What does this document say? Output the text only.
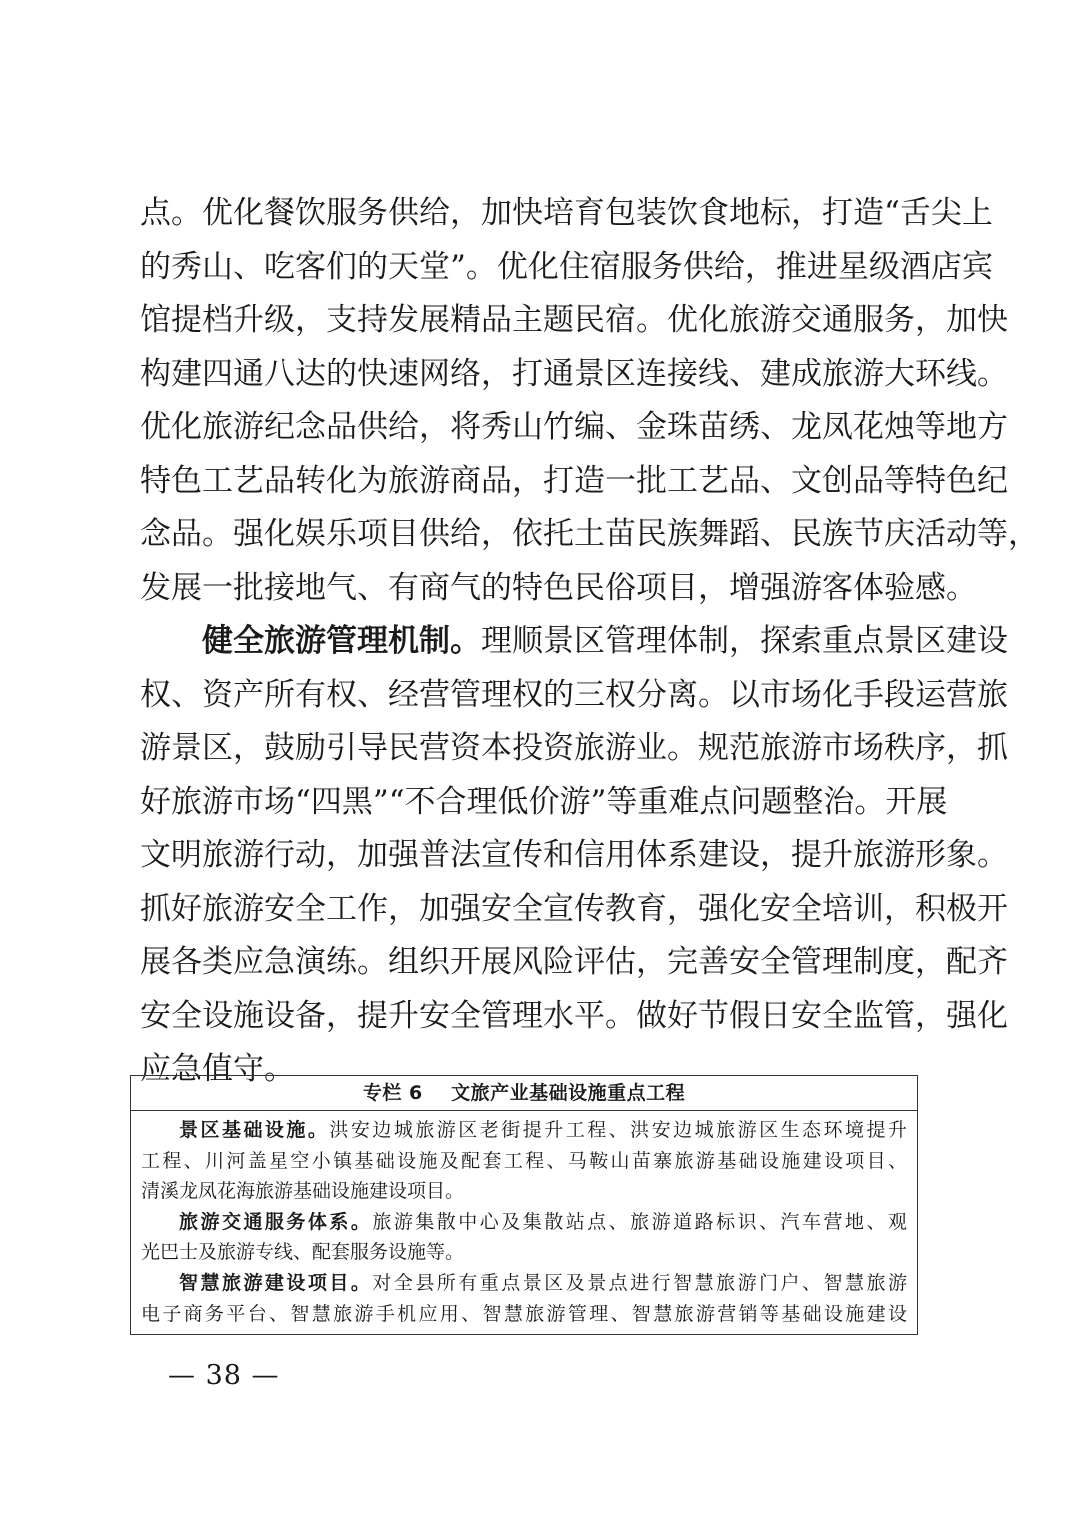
点。优化餐饮服务供给，加快培育包装饮食地标，打造“舌尖上
的秀山、吃客们的天堂”。优化住宿服务供给，推进星级酒店宾
馆提档升级，支持发展精品主题民宿。优化旅游交通服务，加快
构建四通八达的快速网络，打通景区连接线、建成旅游大环线。
优化旅游纪念品供给，将秀山竹编、金珠苗绣、龙凤花烛等地方
特色工艺品转化为旅游商品，打造一批工艺品、文创品等特色纪
念品。强化娱乐项目供给，依托土苗民族舞蹈、民族节庆活动等，
发展一批接地气、有商气的特色民俗项目，增强游客体验感。
健全旅游管理机制。理顺景区管理体制，探索重点景区建设
权、资产所有权、经营管理权的三权分离。以市场化手段运营旅
游景区，鼓励引导民营资本投资旅游业。规范旅游市场秩序，抓
好旅游市场“四黑”“不合理低价游”等重难点问题整治。开展
文明旅游行动，加强普法宣传和信用体系建设，提升旅游形象。
抓好旅游安全工作，加强安全宣传教育，强化安全培训，积极开
展各类应急演练。组织开展风险评估，完善安全管理制度，配齐
安全设施设备，提升安全管理水平。做好节假日安全监管，强化
应急值守。
专栏 6    文旅产业基础设施重点工程
景区基础设施。洪安边城旅游区老街提升工程、洪安边城旅游区生态环境提升
工程、川河盖星空小镇基础设施及配套工程、马鞍山苗寨旅游基础设施建设项目、
清溪龙凤花海旅游基础设施建设项目。
旅游交通服务体系。旅游集散中心及集散站点、旅游道路标识、汽车营地、观
光巴士及旅游专线、配套服务设施等。
智慧旅游建设项目。对全县所有重点景区及景点进行智慧旅游门户、智慧旅游
电子商务平台、智慧旅游手机应用、智慧旅游管理、智慧旅游营销等基础设施建设
— 38 —
